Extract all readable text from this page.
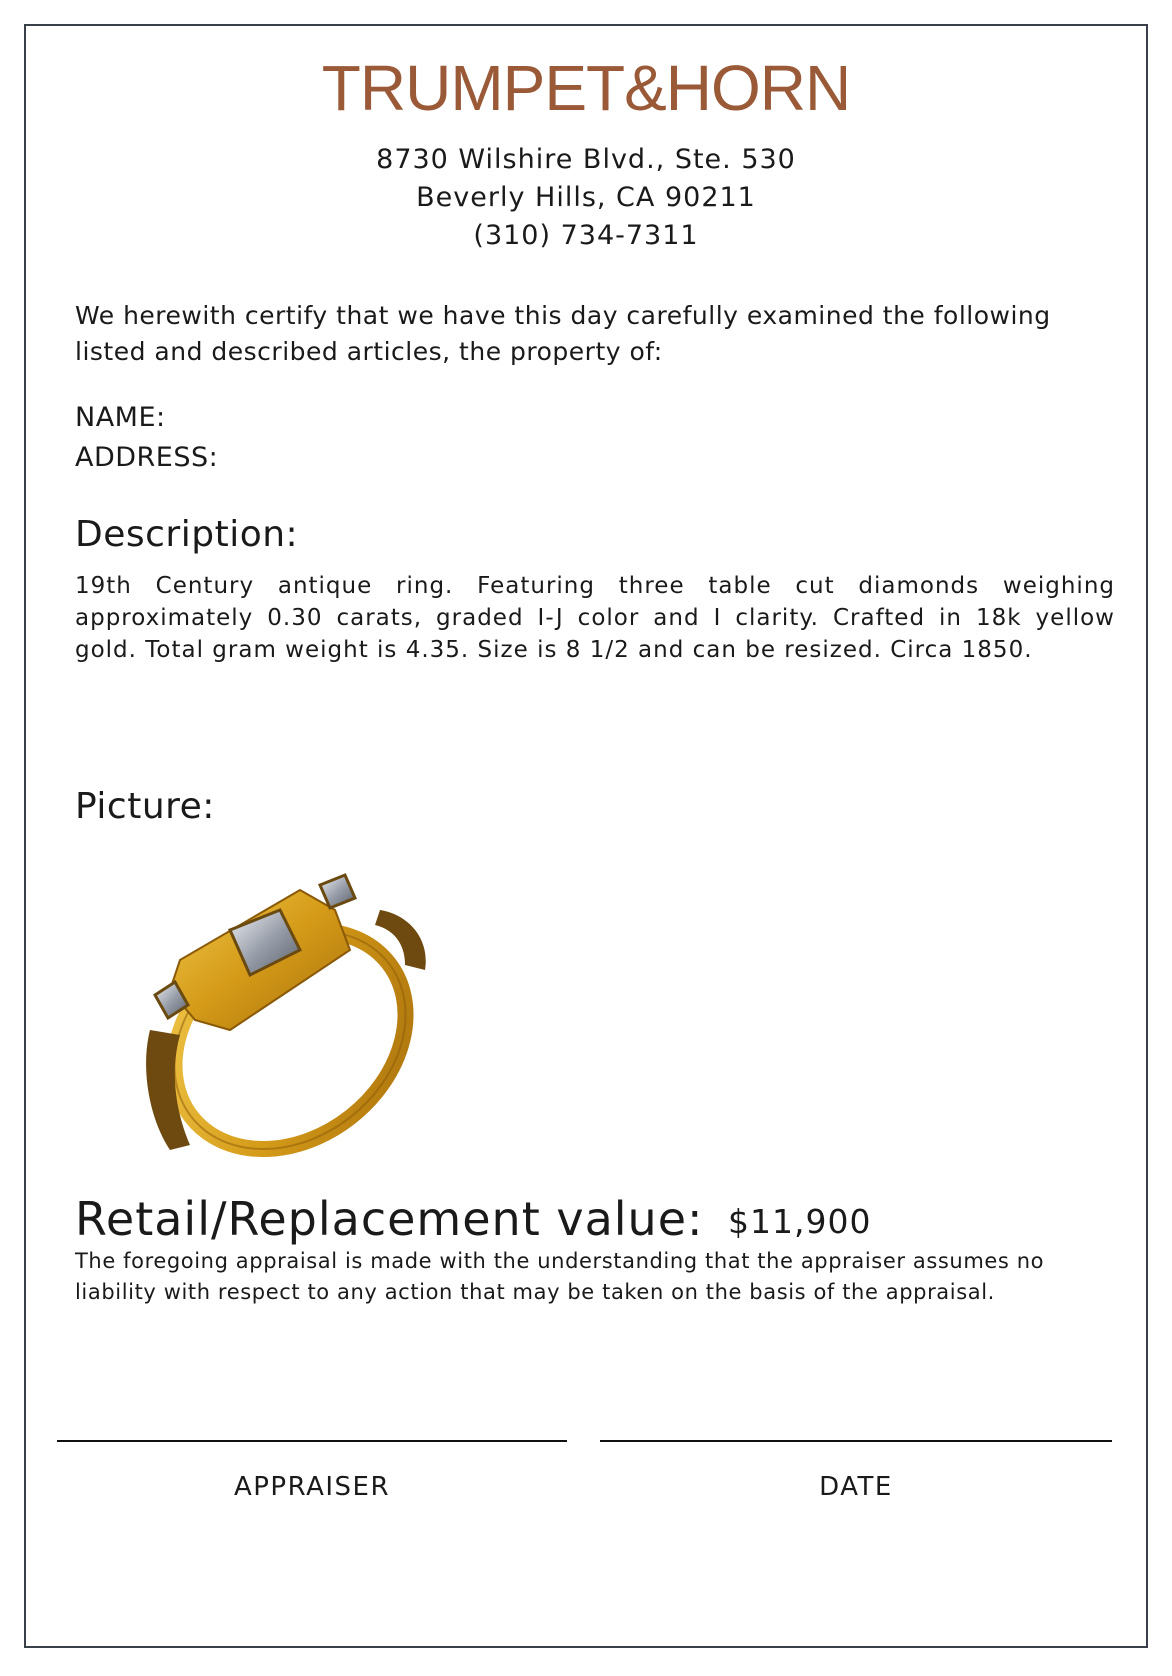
TRUMPET&HORN
8730 Wilshire Blvd., Ste. 530
Beverly Hills, CA 90211
(310) 734-7311
We herewith certify that we have this day carefully examined the following listed and described articles, the property of:
NAME:
ADDRESS:
Description:
19th Century antique ring. Featuring three table cut diamonds weighing approximately 0.30 carats, graded I-J color and I clarity. Crafted in 18k yellow gold. Total gram weight is 4.35. Size is 8 1/2 and can be resized. Circa 1850.
Picture:
Retail/Replacement value: $11,900
The foregoing appraisal is made with the understanding that the appraiser assumes no liability with respect to any action that may be taken on the basis of the appraisal.
APPRAISER	DATE
